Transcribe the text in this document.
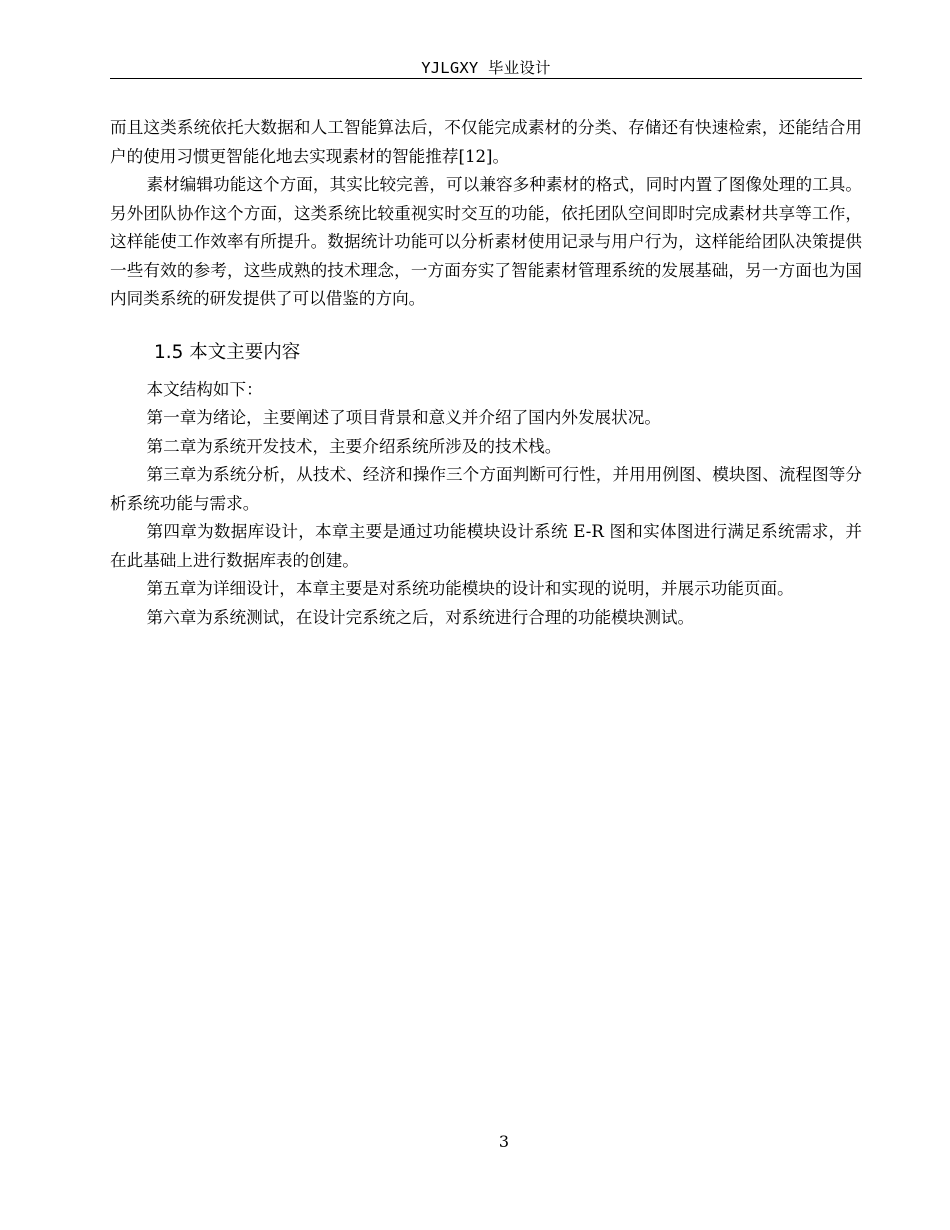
YJLGXY 毕业设计

而且这类系统依托大数据和人工智能算法后，不仅能完成素材的分类、存储还有快速检索，还能结合用户的使用习惯更智能化地去实现素材的智能推荐[12]。

素材编辑功能这个方面，其实比较完善，可以兼容多种素材的格式，同时内置了图像处理的工具。另外团队协作这个方面，这类系统比较重视实时交互的功能，依托团队空间即时完成素材共享等工作，这样能使工作效率有所提升。数据统计功能可以分析素材使用记录与用户行为，这样能给团队决策提供一些有效的参考，这些成熟的技术理念，一方面夯实了智能素材管理系统的发展基础，另一方面也为国内同类系统的研发提供了可以借鉴的方向。

1.5 本文主要内容

本文结构如下：

第一章为绪论，主要阐述了项目背景和意义并介绍了国内外发展状况。

第二章为系统开发技术，主要介绍系统所涉及的技术栈。

第三章为系统分析，从技术、经济和操作三个方面判断可行性，并用用例图、模块图、流程图等分析系统功能与需求。

第四章为数据库设计，本章主要是通过功能模块设计系统 E-R 图和实体图进行满足系统需求，并在此基础上进行数据库表的创建。

第五章为详细设计，本章主要是对系统功能模块的设计和实现的说明，并展示功能页面。

第六章为系统测试，在设计完系统之后，对系统进行合理的功能模块测试。

3
